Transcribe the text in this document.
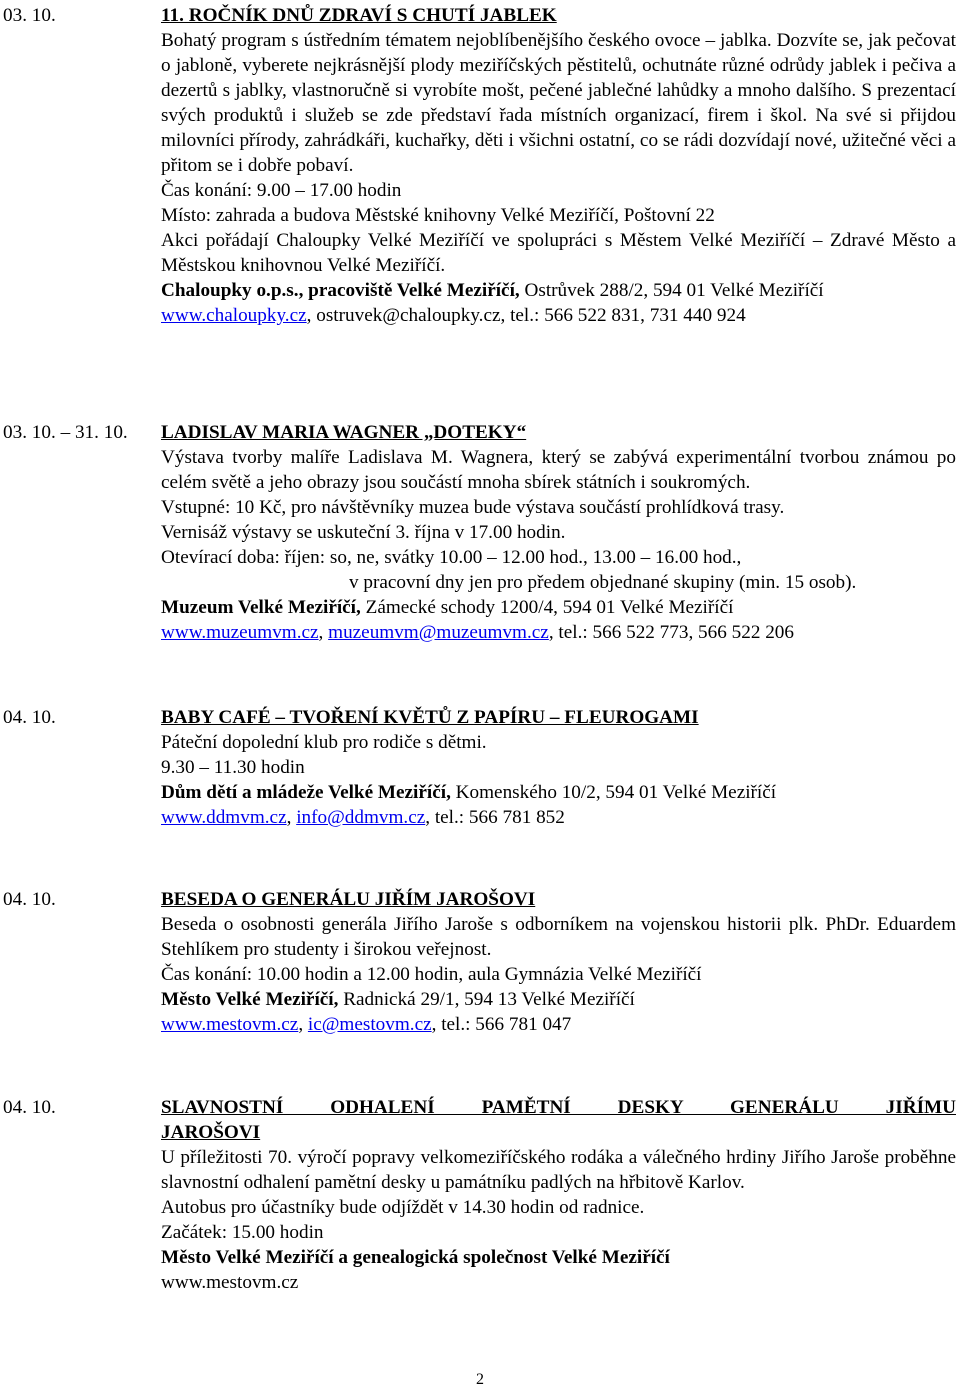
03. 10.	11. ROČNÍK DNŮ ZDRAVÍ S CHUTÍ JABLEK
Bohatý program s ústředním tématem nejoblíbenějšího českého ovoce – jablka. Dozvíte se, jak pečovat o jabloně, vyberete nejkrásnější plody meziříčských pěstitelů, ochutnáte různé odrůdy jablek i pečiva a dezertů s jablky, vlastnoručně si vyrobíte mošt, pečené jablečné lahůdky a mnoho dalšího. S prezentací svých produktů i služeb se zde představí řada místních organizací, firem i škol. Na své si přijdou milovníci přírody, zahrádkáři, kuchařky, děti i všichni ostatní, co se rádi dozvídají nové, užitečné věci a přitom se i dobře pobaví.
Čas konání: 9.00 – 17.00 hodin
Místo: zahrada a budova Městské knihovny Velké Meziříčí, Poštovní 22
Akci pořádají Chaloupky Velké Meziříčí ve spolupráci s Městem Velké Meziříčí – Zdravé Město a Městskou knihovnou Velké Meziříčí.
Chaloupky o.p.s., pracoviště Velké Meziříčí, Ostrůvek 288/2, 594 01 Velké Meziříčí
www.chaloupky.cz, ostruvek@chaloupky.cz, tel.: 566 522 831, 731 440 924
03. 10. – 31. 10. LADISLAV MARIA WAGNER „DOTEKY“
Výstava tvorby malíře Ladislava M. Wagnera, který se zabývá experimentální tvorbou známou po celém světě a jeho obrazy jsou součástí mnoha sbírek státních i soukromých.
Vstupné: 10 Kč, pro návštěvníky muzea bude výstava součástí prohlídková trasy.
Vernisáž výstavy se uskuteční 3. října v 17.00 hodin.
Otevírací doba: říjen: so, ne, svátky 10.00 – 12.00 hod., 13.00 – 16.00 hod.,
v pracovní dny jen pro předem objednané skupiny (min. 15 osob).
Muzeum Velké Meziříčí, Zámecké schody 1200/4, 594 01 Velké Meziříčí
www.muzeumvm.cz, muzeumvm@muzeumvm.cz, tel.: 566 522 773, 566 522 206
04. 10.	BABY CAFÉ – TVOŘENÍ KVĚTŮ Z PAPÍRU – FLEUROGAMI
Páteční dopolední klub pro rodiče s dětmi.
9.30 – 11.30 hodin
Dům dětí a mládeže Velké Meziříčí, Komenského 10/2, 594 01 Velké Meziříčí
www.ddmvm.cz, info@ddmvm.cz, tel.: 566 781 852
04. 10.	BESEDA O GENERÁLU JIŘÍM JAROŠOVI
Beseda o osobnosti generála Jiřího Jaroše s odborníkem na vojenskou historii plk. PhDr. Eduardem Stehlíkem pro studenty i širokou veřejnost.
Čas konání: 10.00 hodin a 12.00 hodin, aula Gymnázia Velké Meziříčí
Město Velké Meziříčí, Radnická 29/1, 594 13 Velké Meziříčí
www.mestovm.cz, ic@mestovm.cz, tel.: 566 781 047
04. 10.	SLAVNOSTNÍ ODHALENÍ PAMĚTNÍ DESKY GENERÁLU JIŘÍMU
JAROŠOVI
U příležitosti 70. výročí popravy velkomeziříčského rodáka a válečného hrdiny Jiřího Jaroše proběhne slavnostní odhalení pamětní desky u památníku padlých na hřbitově Karlov.
Autobus pro účastníky bude odjíždět v 14.30 hodin od radnice.
Začátek: 15.00 hodin
Město Velké Meziříčí a genealogická společnost Velké Meziříčí
www.mestovm.cz
2
